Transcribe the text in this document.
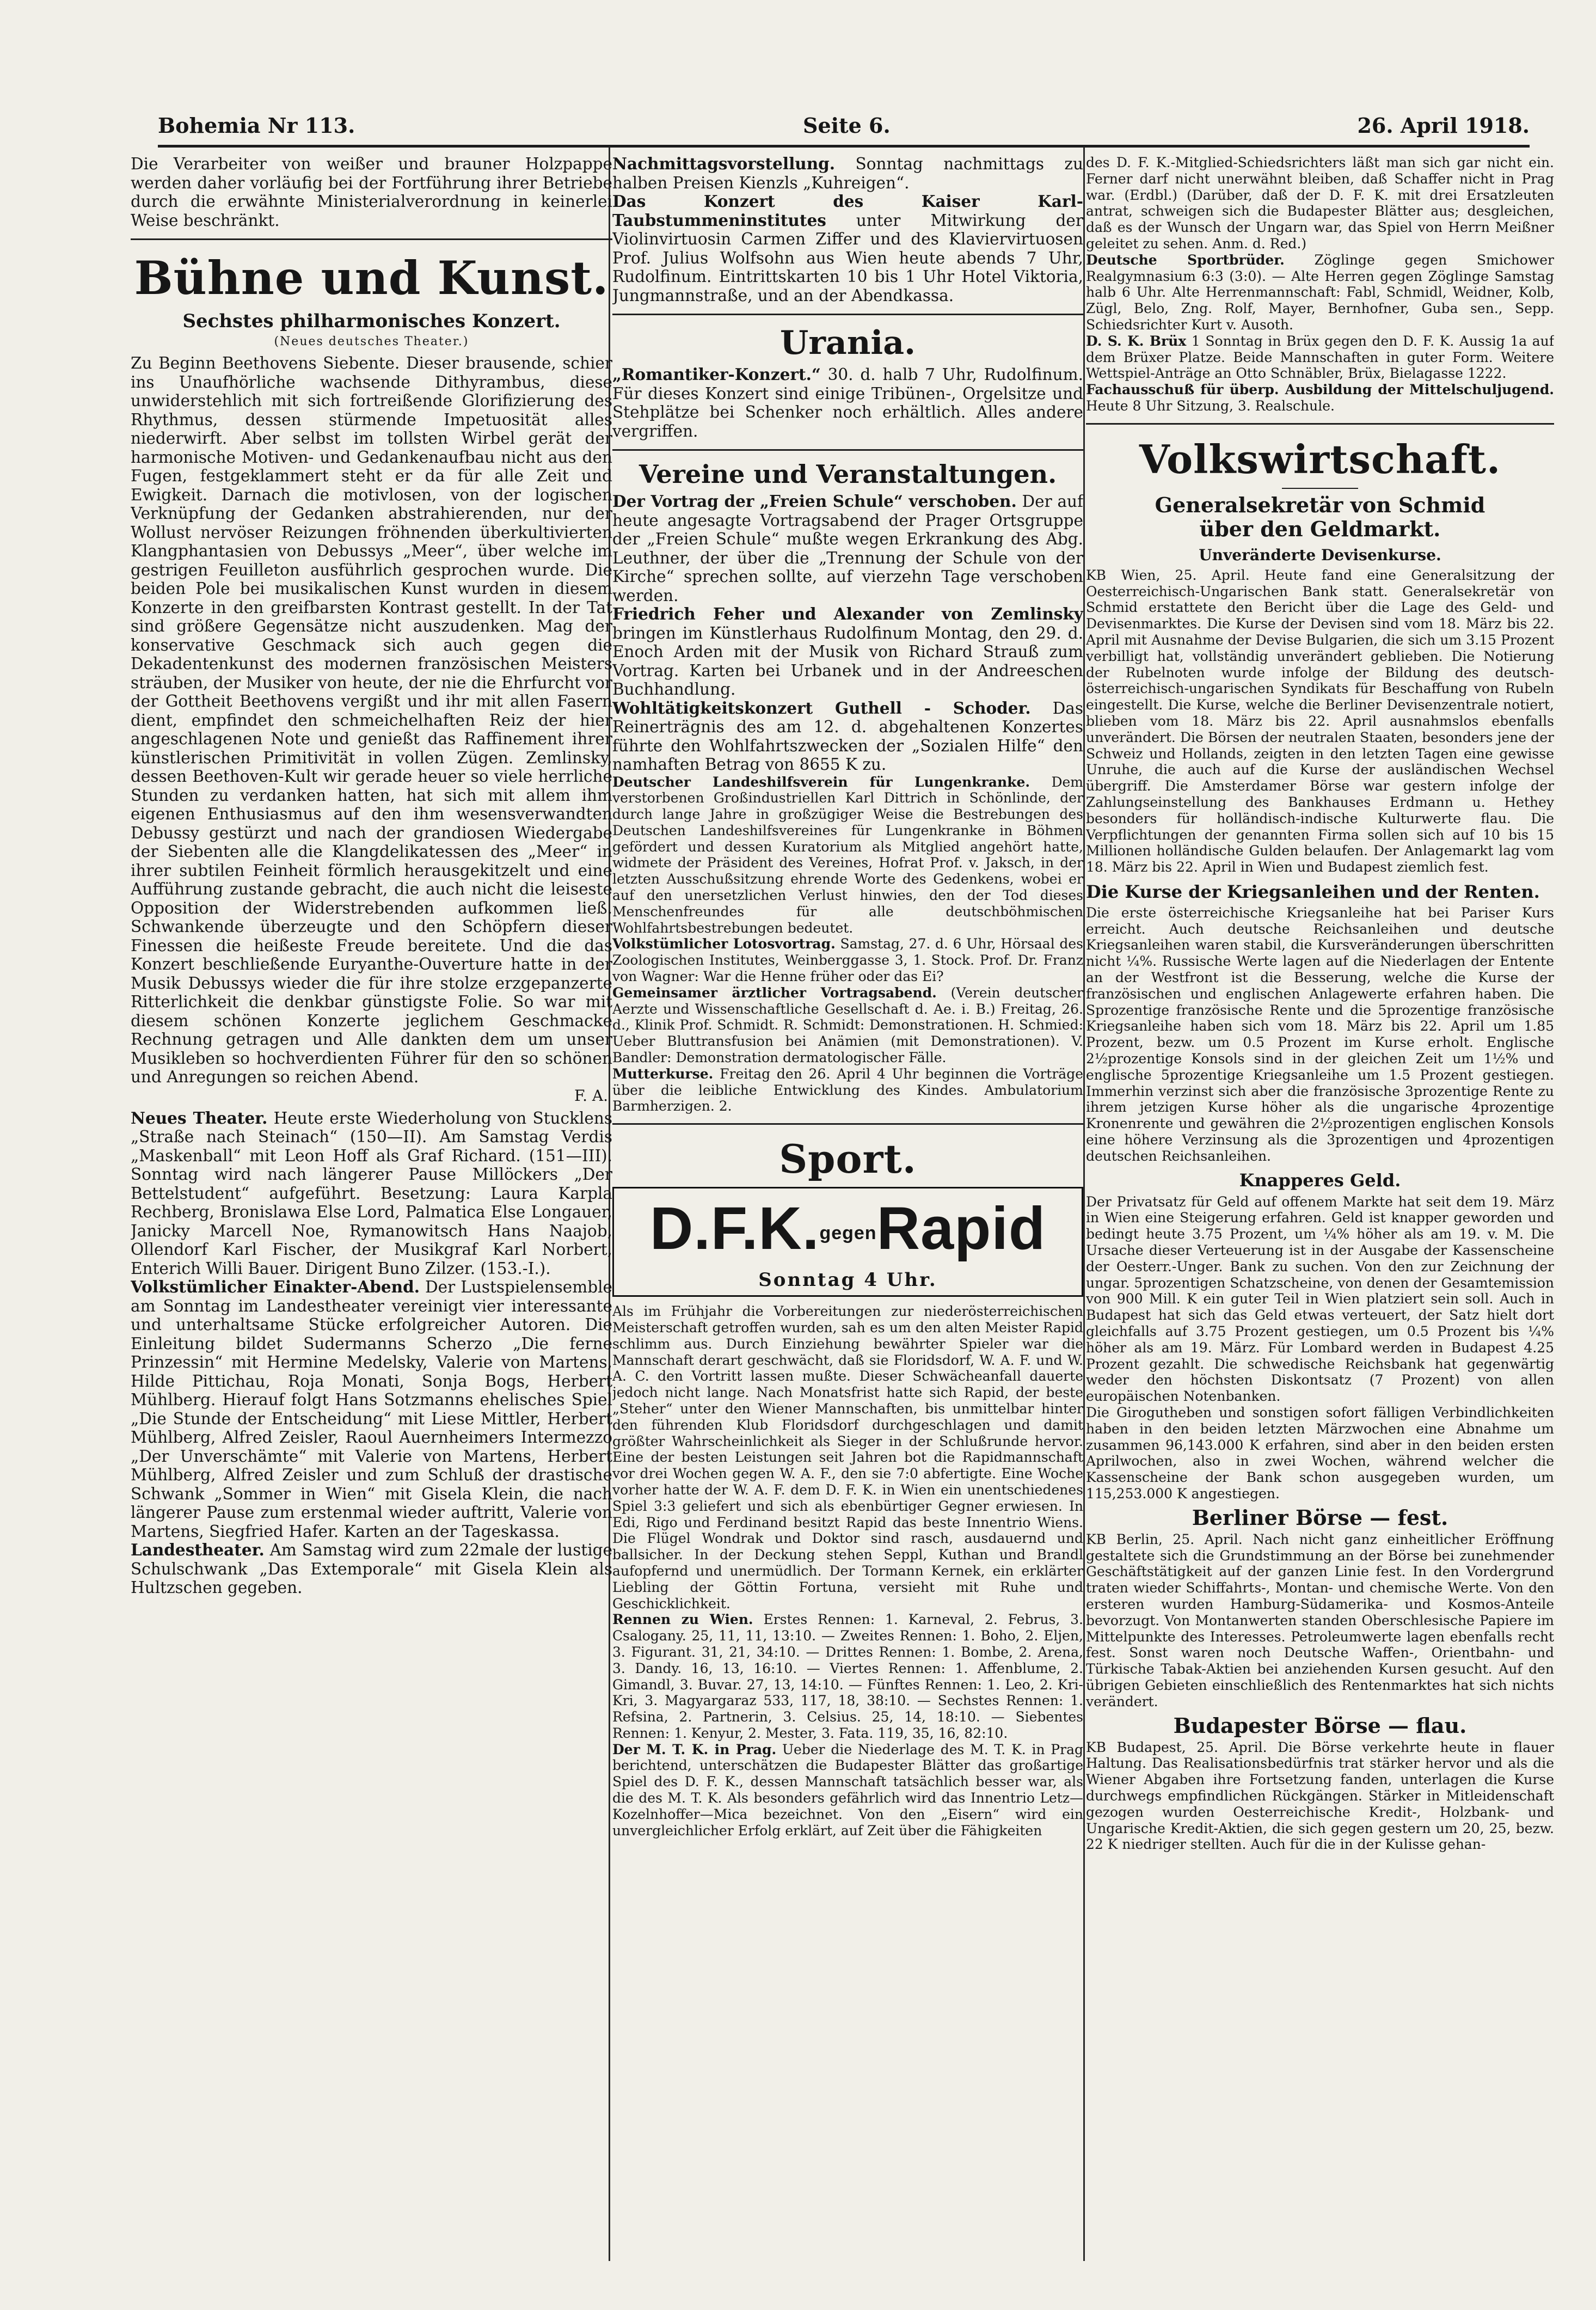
Bohemia Nr 113.	Seite 6.	26. April 1918.

Die Verarbeiter von weißer und brauner Holzpappe werden daher vorläufig bei der Fortführung ihrer Betriebe durch die erwähnte Ministerialverordnung in keinerlei Weise beschränkt.

Bühne und Kunst.
Sechstes philharmonisches Konzert.
(Neues deutsches Theater.)

Zu Beginn Beethovens Siebente. Dieser brausende, schier ins Unaufhörliche wachsende Dithyrambus, diese unwiderstehlich mit sich fortreißende Glorifizierung des Rhythmus, dessen stürmende Impetuosität alles niederwirft. Aber selbst im tollsten Wirbel gerät der harmonische Motiven- und Gedankenaufbau nicht aus den Fugen, festgeklammert steht er da für alle Zeit und Ewigkeit. Darnach die motivlosen, von der logischen Verknüpfung der Gedanken abstrahierenden, nur der Wollust nervöser Reizungen fröhnenden überkultivierten Klangphantasien von Debussys „Meer“, über welche im gestrigen Feuilleton ausführlich gesprochen wurde. Die beiden Pole bei musikalischen Kunst wurden in diesem Konzerte in den greifbarsten Kontrast gestellt. In der Tat sind größere Gegensätze nicht auszudenken. Mag der konservative Geschmack sich auch gegen die Dekadentenkunst des modernen französischen Meisters sträuben, der Musiker von heute, der nie die Ehrfurcht vor der Gottheit Beethovens vergißt und ihr mit allen Fasern dient, empfindet den schmeichelhaften Reiz der hier angeschlagenen Note und genießt das Raffinement ihrer künstlerischen Primitivität in vollen Zügen. Zemlinsky, dessen Beethoven-Kult wir gerade heuer so viele herrliche Stunden zu verdanken hatten, hat sich mit allem ihm eigenen Enthusiasmus auf den ihm wesensverwandten Debussy gestürzt und nach der grandiosen Wiedergabe der Siebenten alle die Klangdelikatessen des „Meer“ in ihrer subtilen Feinheit förmlich herausgekitzelt und eine Aufführung zustande gebracht, die auch nicht die leiseste Opposition der Widerstrebenden aufkommen ließ. Schwankende überzeugte und den Schöpfern dieser Finessen die heißeste Freude bereitete. Und die das Konzert beschließende Euryanthe-Ouverture hatte in der Musik Debussys wieder die für ihre stolze erzgepanzerte Ritterlichkeit die denkbar günstigste Folie. So war mit diesem schönen Konzerte jeglichem Geschmacke Rechnung getragen und Alle dankten dem um unser Musikleben so hochverdienten Führer für den so schönen und Anregungen so reichen Abend.

F. A.

Neues Theater. Heute erste Wiederholung von Stucklens „Straße nach Steinach“ (150—II). Am Samstag Verdis „Maskenball“ mit Leon Hoff als Graf Richard. (151—III). Sonntag wird nach längerer Pause Millöckers „Der Bettelstudent“ aufgeführt. Besetzung: Laura Karpla Rechberg, Bronislawa Else Lord, Palmatica Else Longauer, Janicky Marcell Noe, Rymanowitsch Hans Naajob, Ollendorf Karl Fischer, der Musikgraf Karl Norbert, Enterich Willi Bauer. Dirigent Buno Zilzer. (153.-I.).

Volkstümlicher Einakter-Abend. Der Lustspielensemble am Sonntag im Landestheater vereinigt vier interessante und unterhaltsame Stücke erfolgreicher Autoren. Die Einleitung bildet Sudermanns Scherzo „Die ferne Prinzessin“ mit Hermine Medelsky, Valerie von Martens, Hilde Pittichau, Roja Monati, Sonja Bogs, Herbert Mühlberg. Hierauf folgt Hans Sotzmanns ehelisches Spiel „Die Stunde der Entscheidung“ mit Liese Mittler, Herbert Mühlberg, Alfred Zeisler, Raoul Auernheimers Intermezzo „Der Unverschämte“ mit Valerie von Martens, Herbert Mühlberg, Alfred Zeisler und zum Schluß der drastische Schwank „Sommer in Wien“ mit Gisela Klein, die nach längerer Pause zum erstenmal wieder auftritt, Valerie von Martens, Siegfried Hafer. Karten an der Tageskassa.

Landestheater. Am Samstag wird zum 22male der lustige Schulschwank „Das Extemporale“ mit Gisela Klein als Hultzschen gegeben.

Nachmittagsvorstellung. Sonntag nachmittags zu halben Preisen Kienzls „Kuhreigen“.

Das Konzert des Kaiser Karl-Taubstummeninstitutes unter Mitwirkung der Violinvirtuosin Carmen Ziffer und des Klaviervirtuosen Prof. Julius Wolfsohn aus Wien heute abends 7 Uhr, Rudolfinum. Eintrittskarten 10 bis 1 Uhr Hotel Viktoria, Jungmannstraße, und an der Abendkassa.

Urania.

„Romantiker-Konzert.“ 30. d. halb 7 Uhr, Rudolfinum. Für dieses Konzert sind einige Tribünen-, Orgelsitze und Stehplätze bei Schenker noch erhältlich. Alles andere vergriffen.

Vereine und Veranstaltungen.

Der Vortrag der „Freien Schule“ verschoben. Der auf heute angesagte Vortragsabend der Prager Ortsgruppe der „Freien Schule“ mußte wegen Erkrankung des Abg. Leuthner, der über die „Trennung der Schule von der Kirche“ sprechen sollte, auf vierzehn Tage verschoben werden.

Friedrich Feher und Alexander von Zemlinsky bringen im Künstlerhaus Rudolfinum Montag, den 29. d. Enoch Arden mit der Musik von Richard Strauß zum Vortrag. Karten bei Urbanek und in der Andreeschen Buchhandlung.

Wohltätigkeitskonzert Guthell - Schoder. Das Reinerträgnis des am 12. d. abgehaltenen Konzertes führte den Wohlfahrtszwecken der „Sozialen Hilfe“ den namhaften Betrag von 8655 K zu.

Deutscher Landeshilfsverein für Lungenkranke. Dem verstorbenen Großindustriellen Karl Dittrich in Schönlinde, der durch lange Jahre in großzügiger Weise die Bestrebungen des Deutschen Landeshilfsvereines für Lungenkranke in Böhmen gefördert und dessen Kuratorium als Mitglied angehört hatte, widmete der Präsident des Vereines, Hofrat Prof. v. Jaksch, in der letzten Ausschußsitzung ehrende Worte des Gedenkens, wobei er auf den unersetzlichen Verlust hinwies, den der Tod dieses Menschenfreundes für alle deutschböhmischen Wohlfahrtsbestrebungen bedeutet.

Volkstümlicher Lotosvortrag. Samstag, 27. d. 6 Uhr, Hörsaal des Zoologischen Institutes, Weinberggasse 3, 1. Stock. Prof. Dr. Franz von Wagner: War die Henne früher oder das Ei?

Gemeinsamer ärztlicher Vortragsabend. (Verein deutscher Aerzte und Wissenschaftliche Gesellschaft d. Ae. i. B.) Freitag, 26. d., Klinik Prof. Schmidt. R. Schmidt: Demonstrationen. H. Schmied: Ueber Bluttransfusion bei Anämien (mit Demonstrationen). V. Bandler: Demonstration dermatologischer Fälle.

Mutterkurse. Freitag den 26. April 4 Uhr beginnen die Vorträge über die leibliche Entwicklung des Kindes. Ambulatorium Barmherzigen. 2.

Sport.
D.F.K.gegenRapid
Sonntag 4 Uhr.

Als im Frühjahr die Vorbereitungen zur niederösterreichischen Meisterschaft getroffen wurden, sah es um den alten Meister Rapid schlimm aus. Durch Einziehung bewährter Spieler war die Mannschaft derart geschwächt, daß sie Floridsdorf, W. A. F. und W. A. C. den Vortritt lassen mußte. Dieser Schwächeanfall dauerte jedoch nicht lange. Nach Monatsfrist hatte sich Rapid, der beste „Steher“ unter den Wiener Mannschaften, bis unmittelbar hinter den führenden Klub Floridsdorf durchgeschlagen und damit größter Wahrscheinlichkeit als Sieger in der Schlußrunde hervor. Eine der besten Leistungen seit Jahren bot die Rapidmannschaft vor drei Wochen gegen W. A. F., den sie 7:0 abfertigte. Eine Woche vorher hatte der W. A. F. dem D. F. K. in Wien ein unentschiedenes Spiel 3:3 geliefert und sich als ebenbürtiger Gegner erwiesen. In Edi, Rigo und Ferdinand besitzt Rapid das beste Innentrio Wiens. Die Flügel Wondrak und Doktor sind rasch, ausdauernd und ballsicher. In der Deckung stehen Seppl, Kuthan und Brandl aufopfernd und unermüdlich. Der Tormann Kernek, ein erklärter Liebling der Göttin Fortuna, versieht mit Ruhe und Geschicklichkeit.

Rennen zu Wien. Erstes Rennen: 1. Karneval, 2. Februs, 3. Csalogany. 25, 11, 11, 13:10. — Zweites Rennen: 1. Boho, 2. Eljen, 3. Figurant. 31, 21, 34:10. — Drittes Rennen: 1. Bombe, 2. Arena, 3. Dandy. 16, 13, 16:10. — Viertes Rennen: 1. Affenblume, 2. Gimandl, 3. Buvar. 27, 13, 14:10. — Fünftes Rennen: 1. Leo, 2. Kri-Kri, 3. Magyargaraz 533, 117, 18, 38:10. — Sechstes Rennen: 1. Refsina, 2. Partnerin, 3. Celsius. 25, 14, 18:10. — Siebentes Rennen: 1. Kenyur, 2. Mester, 3. Fata. 119, 35, 16, 82:10.

Der M. T. K. in Prag. Ueber die Niederlage des M. T. K. in Prag berichtend, unterschätzen die Budapester Blätter das großartige Spiel des D. F. K., dessen Mannschaft tatsächlich besser war, als die des M. T. K. Als besonders gefährlich wird das Innentrio Letz—Kozelnhoffer—Mica bezeichnet. Von den „Eisern“ wird ein unvergleichlicher Erfolg erklärt, auf Zeit über die Fähigkeiten

des D. F. K.-Mitglied-Schiedsrichters läßt man sich gar nicht ein. Ferner darf nicht unerwähnt bleiben, daß Schaffer nicht in Prag war. (Erdbl.) (Darüber, daß der D. F. K. mit drei Ersatzleuten antrat, schweigen sich die Budapester Blätter aus; desgleichen, daß es der Wunsch der Ungarn war, das Spiel von Herrn Meißner geleitet zu sehen. Anm. d. Red.)

Deutsche Sportbrüder. Zöglinge gegen Smichower Realgymnasium 6:3 (3:0). — Alte Herren gegen Zöglinge Samstag halb 6 Uhr. Alte Herrenmannschaft: Fabl, Schmidl, Weidner, Kolb, Zügl, Belo, Zng. Rolf, Mayer, Bernhofner, Guba sen., Sepp. Schiedsrichter Kurt v. Ausoth.

D. S. K. Brüx 1 Sonntag in Brüx gegen den D. F. K. Aussig 1a auf dem Brüxer Platze. Beide Mannschaften in guter Form. Weitere Wettspiel-Anträge an Otto Schnäbler, Brüx, Bielagasse 1222.

Fachausschuß für überp. Ausbildung der Mittelschuljugend. Heute 8 Uhr Sitzung, 3. Realschule.

Volkswirtschaft.
Generalsekretär von Schmid
über den Geldmarkt.
Unveränderte Devisenkurse.

KB Wien, 25. April. Heute fand eine Generalsitzung der Oesterreichisch-Ungarischen Bank statt. Generalsekretär von Schmid erstattete den Bericht über die Lage des Geld- und Devisenmarktes. Die Kurse der Devisen sind vom 18. März bis 22. April mit Ausnahme der Devise Bulgarien, die sich um 3.15 Prozent verbilligt hat, vollständig unverändert geblieben. Die Notierung der Rubelnoten wurde infolge der Bildung des deutsch-österreichisch-ungarischen Syndikats für Beschaffung von Rubeln eingestellt. Die Kurse, welche die Berliner Devisenzentrale notiert, blieben vom 18. März bis 22. April ausnahmslos ebenfalls unverändert. Die Börsen der neutralen Staaten, besonders jene der Schweiz und Hollands, zeigten in den letzten Tagen eine gewisse Unruhe, die auch auf die Kurse der ausländischen Wechsel übergriff. Die Amsterdamer Börse war gestern infolge der Zahlungseinstellung des Bankhauses Erdmann u. Hethey besonders für holländisch-indische Kulturwerte flau. Die Verpflichtungen der genannten Firma sollen sich auf 10 bis 15 Millionen holländische Gulden belaufen. Der Anlagemarkt lag vom 18. März bis 22. April in Wien und Budapest ziemlich fest.

Die Kurse der Kriegsanleihen und der Renten.

Die erste österreichische Kriegsanleihe hat bei Pariser Kurs erreicht. Auch deutsche Reichsanleihen und deutsche Kriegsanleihen waren stabil, die Kursveränderungen überschritten nicht ¼%. Russische Werte lagen auf die Niederlagen der Entente an der Westfront ist die Besserung, welche die Kurse der französischen und englischen Anlagewerte erfahren haben. Die Sprozentige französische Rente und die 5prozentige französische Kriegsanleihe haben sich vom 18. März bis 22. April um 1.85 Prozent, bezw. um 0.5 Prozent im Kurse erholt. Englische 2½prozentige Konsols sind in der gleichen Zeit um 1½% und englische 5prozentige Kriegsanleihe um 1.5 Prozent gestiegen. Immerhin verzinst sich aber die französische 3prozentige Rente zu ihrem jetzigen Kurse höher als die ungarische 4prozentige Kronenrente und gewähren die 2½prozentigen englischen Konsols eine höhere Verzinsung als die 3prozentigen und 4prozentigen deutschen Reichsanleihen.

Knapperes Geld.

Der Privatsatz für Geld auf offenem Markte hat seit dem 19. März in Wien eine Steigerung erfahren. Geld ist knapper geworden und bedingt heute 3.75 Prozent, um ¼% höher als am 19. v. M. Die Ursache dieser Verteuerung ist in der Ausgabe der Kassenscheine der Oesterr.-Unger. Bank zu suchen. Von den zur Zeichnung der ungar. 5prozentigen Schatzscheine, von denen der Gesamtemission von 900 Mill. K ein guter Teil in Wien platziert sein soll. Auch in Budapest hat sich das Geld etwas verteuert, der Satz hielt dort gleichfalls auf 3.75 Prozent gestiegen, um 0.5 Prozent bis ¼% höher als am 19. März. Für Lombard werden in Budapest 4.25 Prozent gezahlt. Die schwedische Reichsbank hat gegenwärtig weder den höchsten Diskontsatz (7 Prozent) von allen europäischen Notenbanken.

Die Girogutheben und sonstigen sofort fälligen Verbindlichkeiten haben in den beiden letzten Märzwochen eine Abnahme um zusammen 96,143.000 K erfahren, sind aber in den beiden ersten Aprilwochen, also in zwei Wochen, während welcher die Kassenscheine der Bank schon ausgegeben wurden, um 115,253.000 K angestiegen.

Berliner Börse — fest.

KB Berlin, 25. April. Nach nicht ganz einheitlicher Eröffnung gestaltete sich die Grundstimmung an der Börse bei zunehmender Geschäftstätigkeit auf der ganzen Linie fest. In den Vordergrund traten wieder Schiffahrts-, Montan- und chemische Werte. Von den ersteren wurden Hamburg-Südamerika- und Kosmos-Anteile bevorzugt. Von Montanwerten standen Oberschlesische Papiere im Mittelpunkte des Interesses. Petroleumwerte lagen ebenfalls recht fest. Sonst waren noch Deutsche Waffen-, Orientbahn- und Türkische Tabak-Aktien bei anziehenden Kursen gesucht. Auf den übrigen Gebieten einschließlich des Rentenmarktes hat sich nichts verändert.

Budapester Börse — flau.

KB Budapest, 25. April. Die Börse verkehrte heute in flauer Haltung. Das Realisationsbedürfnis trat stärker hervor und als die Wiener Abgaben ihre Fortsetzung fanden, unterlagen die Kurse durchwegs empfindlichen Rückgängen. Stärker in Mitleidenschaft gezogen wurden Oesterreichische Kredit-, Holzbank- und Ungarische Kredit-Aktien, die sich gegen gestern um 20, 25, bezw. 22 K niedriger stellten. Auch für die in der Kulisse gehan-
